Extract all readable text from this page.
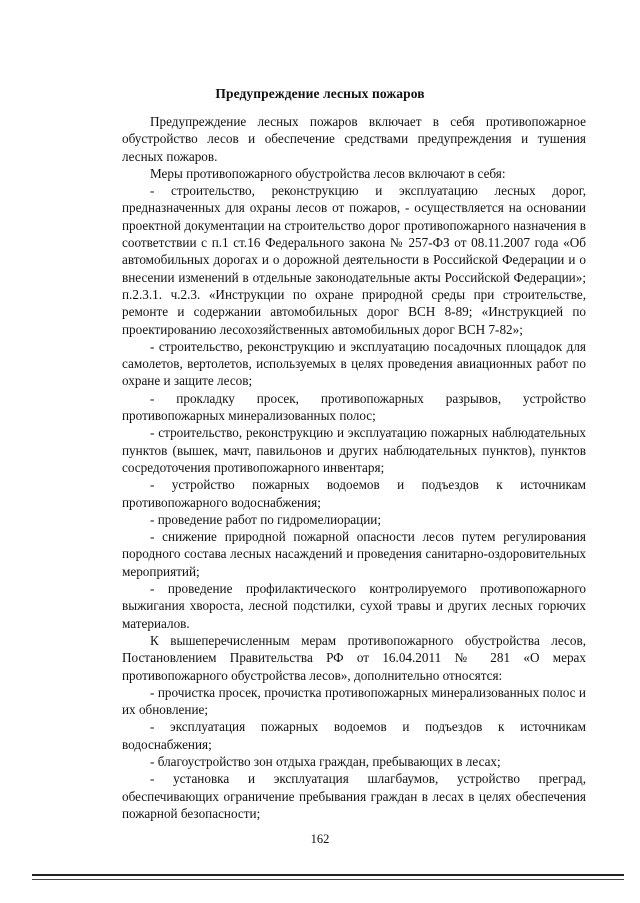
Предупреждение лесных пожаров

Предупреждение лесных пожаров включает в себя противопожарное обустройство лесов и обеспечение средствами предупреждения и тушения лесных пожаров.

Меры противопожарного обустройства лесов включают в себя:

- строительство, реконструкцию и эксплуатацию лесных дорог, предназначенных для охраны лесов от пожаров, - осуществляется на основании проектной документации на строительство дорог противопожарного назначения в соответствии с п.1 ст.16 Федерального закона № 257-ФЗ от 08.11.2007 года «Об автомобильных дорогах и о дорожной деятельности в Российской Федерации и о внесении изменений в отдельные законодательные акты Российской Федерации»; п.2.3.1. ч.2.3. «Инструкции по охране природной среды при строительстве, ремонте и содержании автомобильных дорог ВСН 8-89; «Инструкцией по проектированию лесохозяйственных автомобильных дорог ВСН 7-82»;

- строительство, реконструкцию и эксплуатацию посадочных площадок для самолетов, вертолетов, используемых в целях проведения авиационных работ по охране и защите лесов;

- прокладку просек, противопожарных разрывов, устройство противопожарных минерализованных полос;

- строительство, реконструкцию и эксплуатацию пожарных наблюдательных пунктов (вышек, мачт, павильонов и других наблюдательных пунктов), пунктов сосредоточения противопожарного инвентаря;

- устройство пожарных водоемов и подъездов к источникам противопожарного водоснабжения;

- проведение работ по гидромелиорации;

- снижение природной пожарной опасности лесов путем регулирования породного состава лесных насаждений и проведения санитарно-оздоровительных мероприятий;

- проведение профилактического контролируемого противопожарного выжигания хвороста, лесной подстилки, сухой травы и других лесных горючих материалов.

К вышеперечисленным мерам противопожарного обустройства лесов, Постановлением Правительства РФ от 16.04.2011 № 281 «О мерах противопожарного обустройства лесов», дополнительно относятся:

- прочистка просек, прочистка противопожарных минерализованных полос и их обновление;

- эксплуатация пожарных водоемов и подъездов к источникам водоснабжения;

- благоустройство зон отдыха граждан, пребывающих в лесах;

- установка и эксплуатация шлагбаумов, устройство преград, обеспечивающих ограничение пребывания граждан в лесах в целях обеспечения пожарной безопасности;

162
